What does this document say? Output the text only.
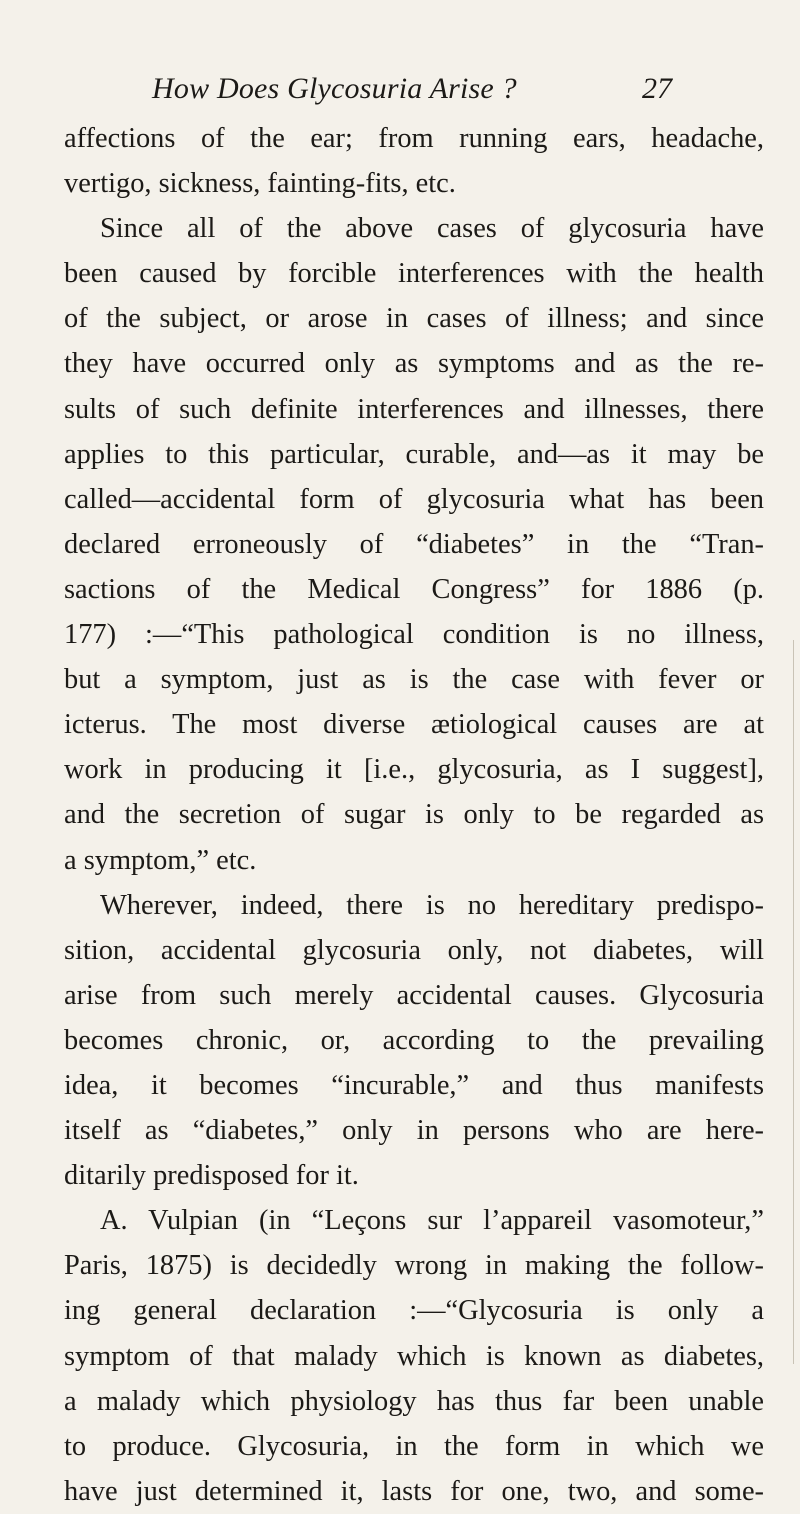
How Does Glycosuria Arise ?	27
affections of the ear; from running ears, headache,
vertigo, sickness, fainting-fits, etc.
Since all of the above cases of glycosuria have
been caused by forcible interferences with the health
of the subject, or arose in cases of illness; and since
they have occurred only as symptoms and as the re-
sults of such definite interferences and illnesses, there
applies to this particular, curable, and—as it may be
called—accidental form of glycosuria what has been
declared erroneously of “diabetes” in the “Tran-
sactions of the Medical Congress” for 1886 (p.
177) :—“This pathological condition is no illness,
but a symptom, just as is the case with fever or
icterus. The most diverse ætiological causes are at
work in producing it [i.e., glycosuria, as I suggest],
and the secretion of sugar is only to be regarded as
a symptom,” etc.
Wherever, indeed, there is no hereditary predispo-
sition, accidental glycosuria only, not diabetes, will
arise from such merely accidental causes. Glycosuria
becomes chronic, or, according to the prevailing
idea, it becomes “incurable,” and thus manifests
itself as “diabetes,” only in persons who are here-
ditarily predisposed for it.
A. Vulpian (in “Leçons sur l’appareil vasomoteur,”
Paris, 1875) is decidedly wrong in making the follow-
ing general declaration :—“Glycosuria is only a
symptom of that malady which is known as diabetes,
a malady which physiology has thus far been unable
to produce. Glycosuria, in the form in which we
have just determined it, lasts for one, two, and some-
